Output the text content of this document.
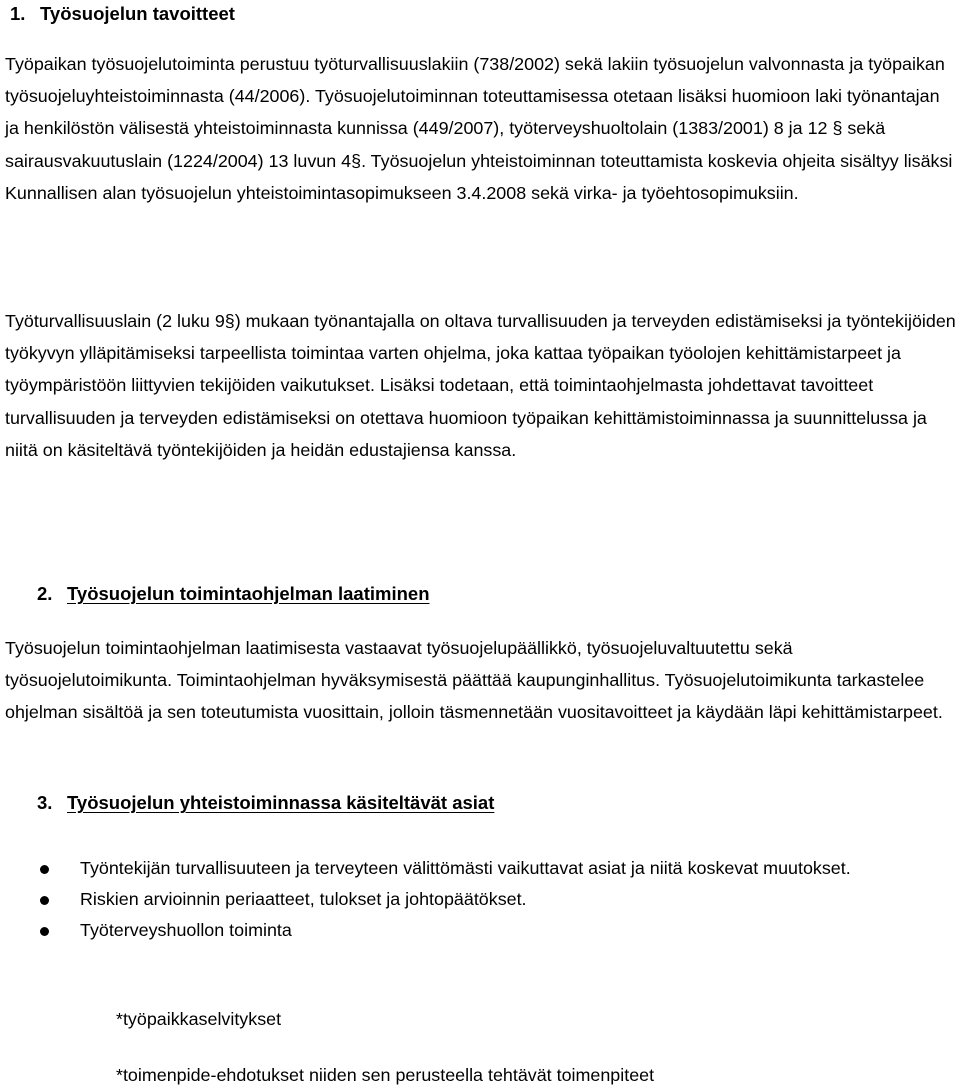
1. Työsuojelun tavoitteet

Työpaikan työsuojelutoiminta perustuu työturvallisuuslakiin (738/2002) sekä lakiin työsuojelun valvonnasta ja työpaikan työsuojeluyhteistoiminnasta (44/2006). Työsuojelutoiminnan toteuttamisessa otetaan lisäksi huomioon laki työnantajan ja henkilöstön välisestä yhteistoiminnasta kunnissa (449/2007), työterveyshuoltolain (1383/2001) 8 ja 12 § sekä sairausvakuutuslain (1224/2004) 13 luvun 4§. Työsuojelun yhteistoiminnan toteuttamista koskevia ohjeita sisältyy lisäksi Kunnallisen alan työsuojelun yhteistoimintasopimukseen 3.4.2008 sekä virka- ja työehtosopimuksiin.

Työturvallisuuslain (2 luku 9§) mukaan työnantajalla on oltava turvallisuuden ja terveyden edistämiseksi ja työntekijöiden työkyvyn ylläpitämiseksi tarpeellista toimintaa varten ohjelma, joka kattaa työpaikan työolojen kehittämistarpeet ja työympäristöön liittyvien tekijöiden vaikutukset. Lisäksi todetaan, että toimintaohjelmasta johdettavat tavoitteet turvallisuuden ja terveyden edistämiseksi on otettava huomioon työpaikan kehittämistoiminnassa ja suunnittelussa ja niitä on käsiteltävä työntekijöiden ja heidän edustajiensa kanssa.

2. Työsuojelun toimintaohjelman laatiminen

Työsuojelun toimintaohjelman laatimisesta vastaavat työsuojelupäällikkö, työsuojeluvaltuutettu sekä työsuojelutoimikunta. Toimintaohjelman hyväksymisestä päättää kaupunginhallitus. Työsuojelutoimikunta tarkastelee ohjelman sisältöä ja sen toteutumista vuosittain, jolloin täsmennetään vuositavoitteet ja käydään läpi kehittämistarpeet.

3. Työsuojelun yhteistoiminnassa käsiteltävät asiat
Työntekijän turvallisuuteen ja terveyteen välittömästi vaikuttavat asiat ja niitä koskevat muutokset.
Riskien arvioinnin periaatteet, tulokset ja johtopäätökset.
Työterveyshuollon toiminta
*työpaikkaselvitykset
*toimenpide-ehdotukset niiden sen perusteella tehtävät toimenpiteet
